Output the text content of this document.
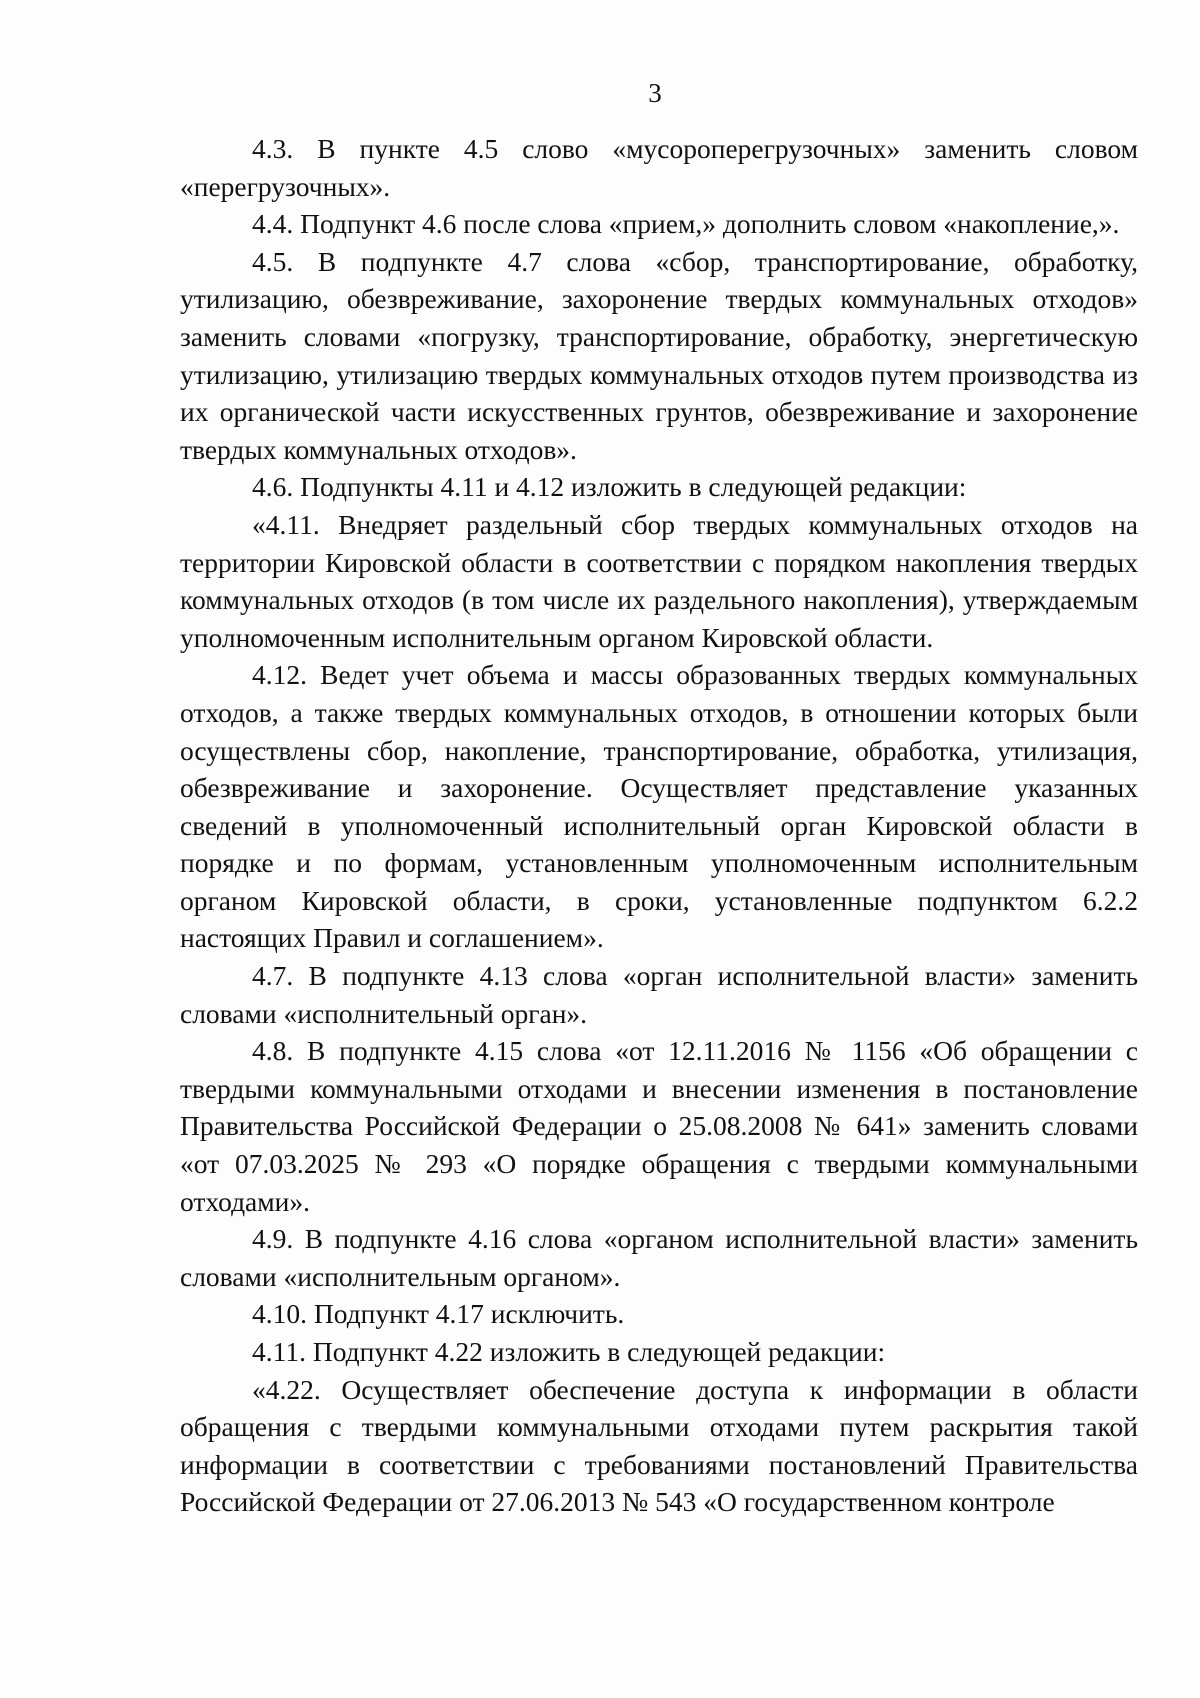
3

4.3. В пункте 4.5 слово «мусороперегрузочных» заменить словом «перегрузочных».

4.4. Подпункт 4.6 после слова «прием,» дополнить словом «накопление,».

4.5. В подпункте 4.7 слова «сбор, транспортирование, обработку, утилизацию, обезвреживание, захоронение твердых коммунальных отходов» заменить словами «погрузку, транспортирование, обработку, энергетическую утилизацию, утилизацию твердых коммунальных отходов путем производства из их органической части искусственных грунтов, обезвреживание и захоронение твердых коммунальных отходов».

4.6. Подпункты 4.11 и 4.12 изложить в следующей редакции:

«4.11. Внедряет раздельный сбор твердых коммунальных отходов на территории Кировской области в соответствии с порядком накопления твердых коммунальных отходов (в том числе их раздельного накопления), утверждаемым уполномоченным исполнительным органом Кировской области.

4.12. Ведет учет объема и массы образованных твердых коммунальных отходов, а также твердых коммунальных отходов, в отношении которых были осуществлены сбор, накопление, транспортирование, обработка, утилизация, обезвреживание и захоронение. Осуществляет представление указанных сведений в уполномоченный исполнительный орган Кировской области в порядке и по формам, установленным уполномоченным исполнительным органом Кировской области, в сроки, установленные подпунктом 6.2.2 настоящих Правил и соглашением».

4.7. В подпункте 4.13 слова «орган исполнительной власти» заменить словами «исполнительный орган».

4.8. В подпункте 4.15 слова «от 12.11.2016 № 1156 «Об обращении с твердыми коммунальными отходами и внесении изменения в постановление Правительства Российской Федерации о 25.08.2008 № 641» заменить словами «от 07.03.2025 № 293 «О порядке обращения с твердыми коммунальными отходами».

4.9. В подпункте 4.16 слова «органом исполнительной власти» заменить словами «исполнительным органом».

4.10. Подпункт 4.17 исключить.

4.11. Подпункт 4.22 изложить в следующей редакции:

«4.22. Осуществляет обеспечение доступа к информации в области обращения с твердыми коммунальными отходами путем раскрытия такой информации в соответствии с требованиями постановлений Правительства Российской Федерации от 27.06.2013 № 543 «О государственном контроле
